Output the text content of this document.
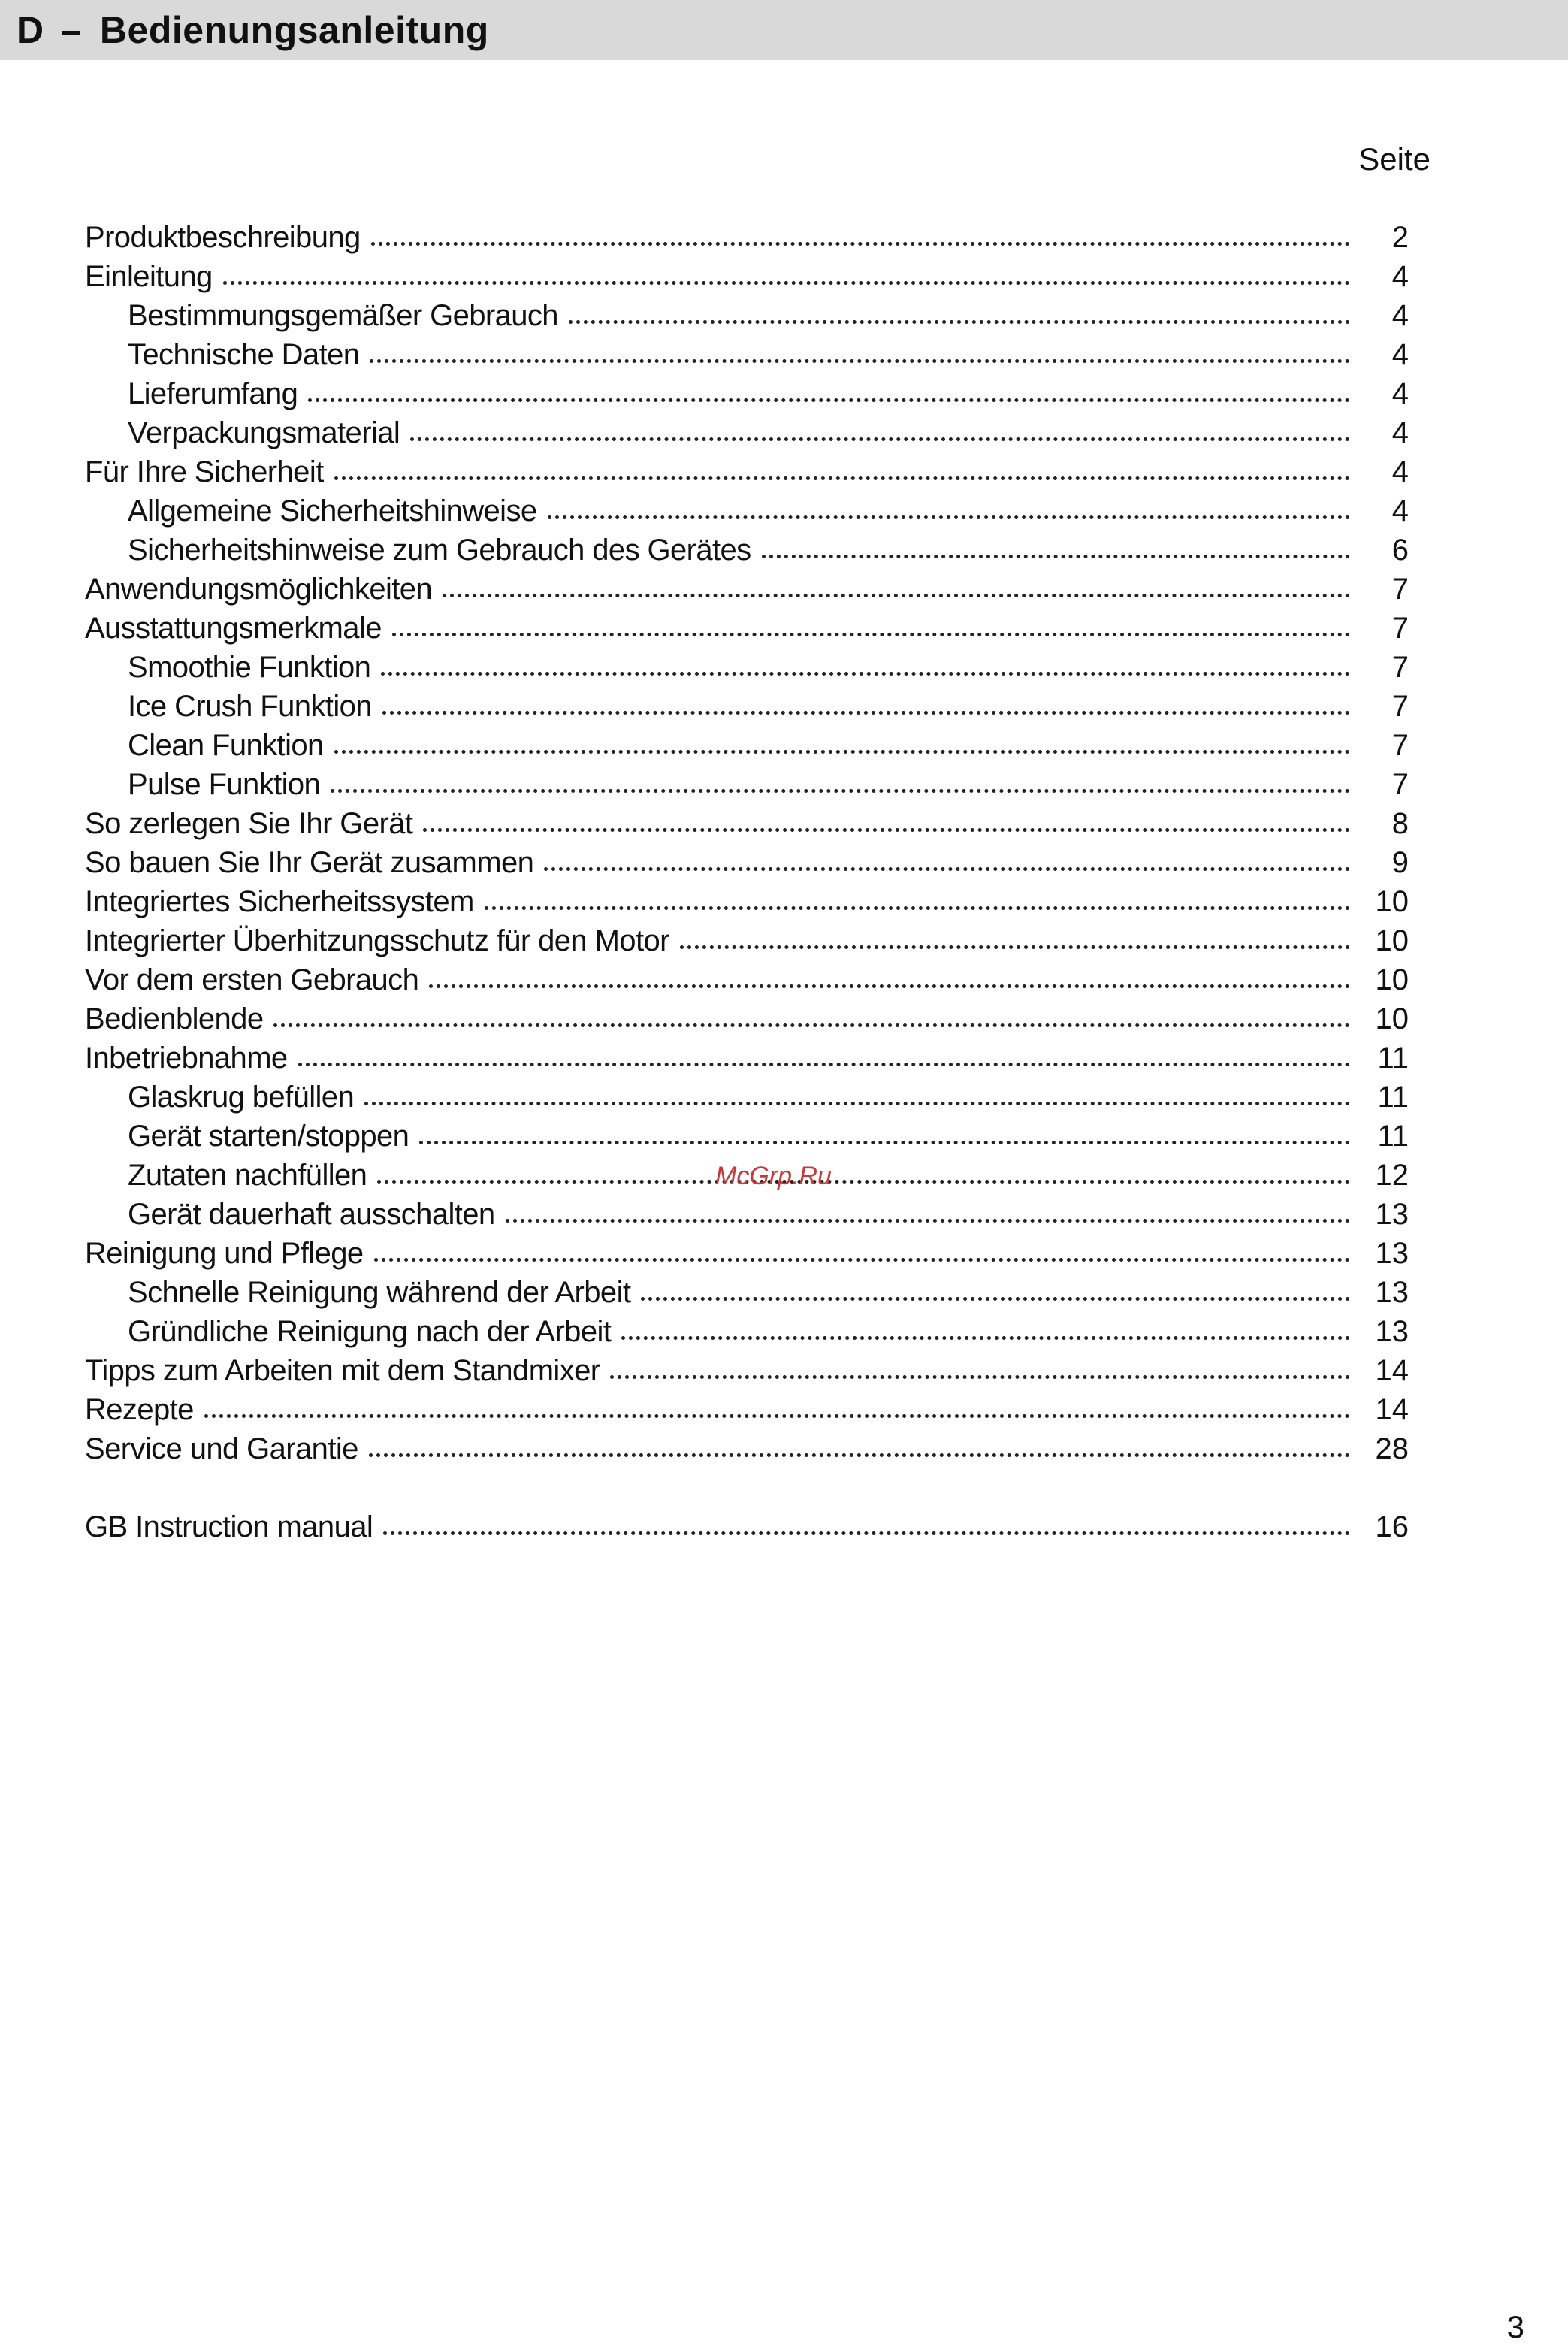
D – Bedienungsanleitung
Seite
Produktbeschreibung	2
Einleitung	4
Bestimmungsgemäßer Gebrauch	4
Technische Daten	4
Lieferumfang	4
Verpackungsmaterial	4
Für Ihre Sicherheit	4
Allgemeine Sicherheitshinweise	4
Sicherheitshinweise zum Gebrauch des Gerätes	6
Anwendungsmöglichkeiten	7
Ausstattungsmerkmale	7
Smoothie Funktion	7
Ice Crush Funktion	7
Clean Funktion	7
Pulse Funktion	7
So zerlegen Sie Ihr Gerät	8
So bauen Sie Ihr Gerät zusammen	9
Integriertes Sicherheitssystem	10
Integrierter Überhitzungsschutz für den Motor	10
Vor dem ersten Gebrauch	10
Bedienblende	10
Inbetriebnahme	11
Glaskrug befüllen	11
Gerät starten/stoppen	11
Zutaten nachfüllen	12
Gerät dauerhaft ausschalten	13
Reinigung und Pflege	13
Schnelle Reinigung während der Arbeit	13
Gründliche Reinigung nach der Arbeit	13
Tipps zum Arbeiten mit dem Standmixer	14
Rezepte	14
Service und Garantie	28
GB Instruction manual	16
McGrp.Ru
3
